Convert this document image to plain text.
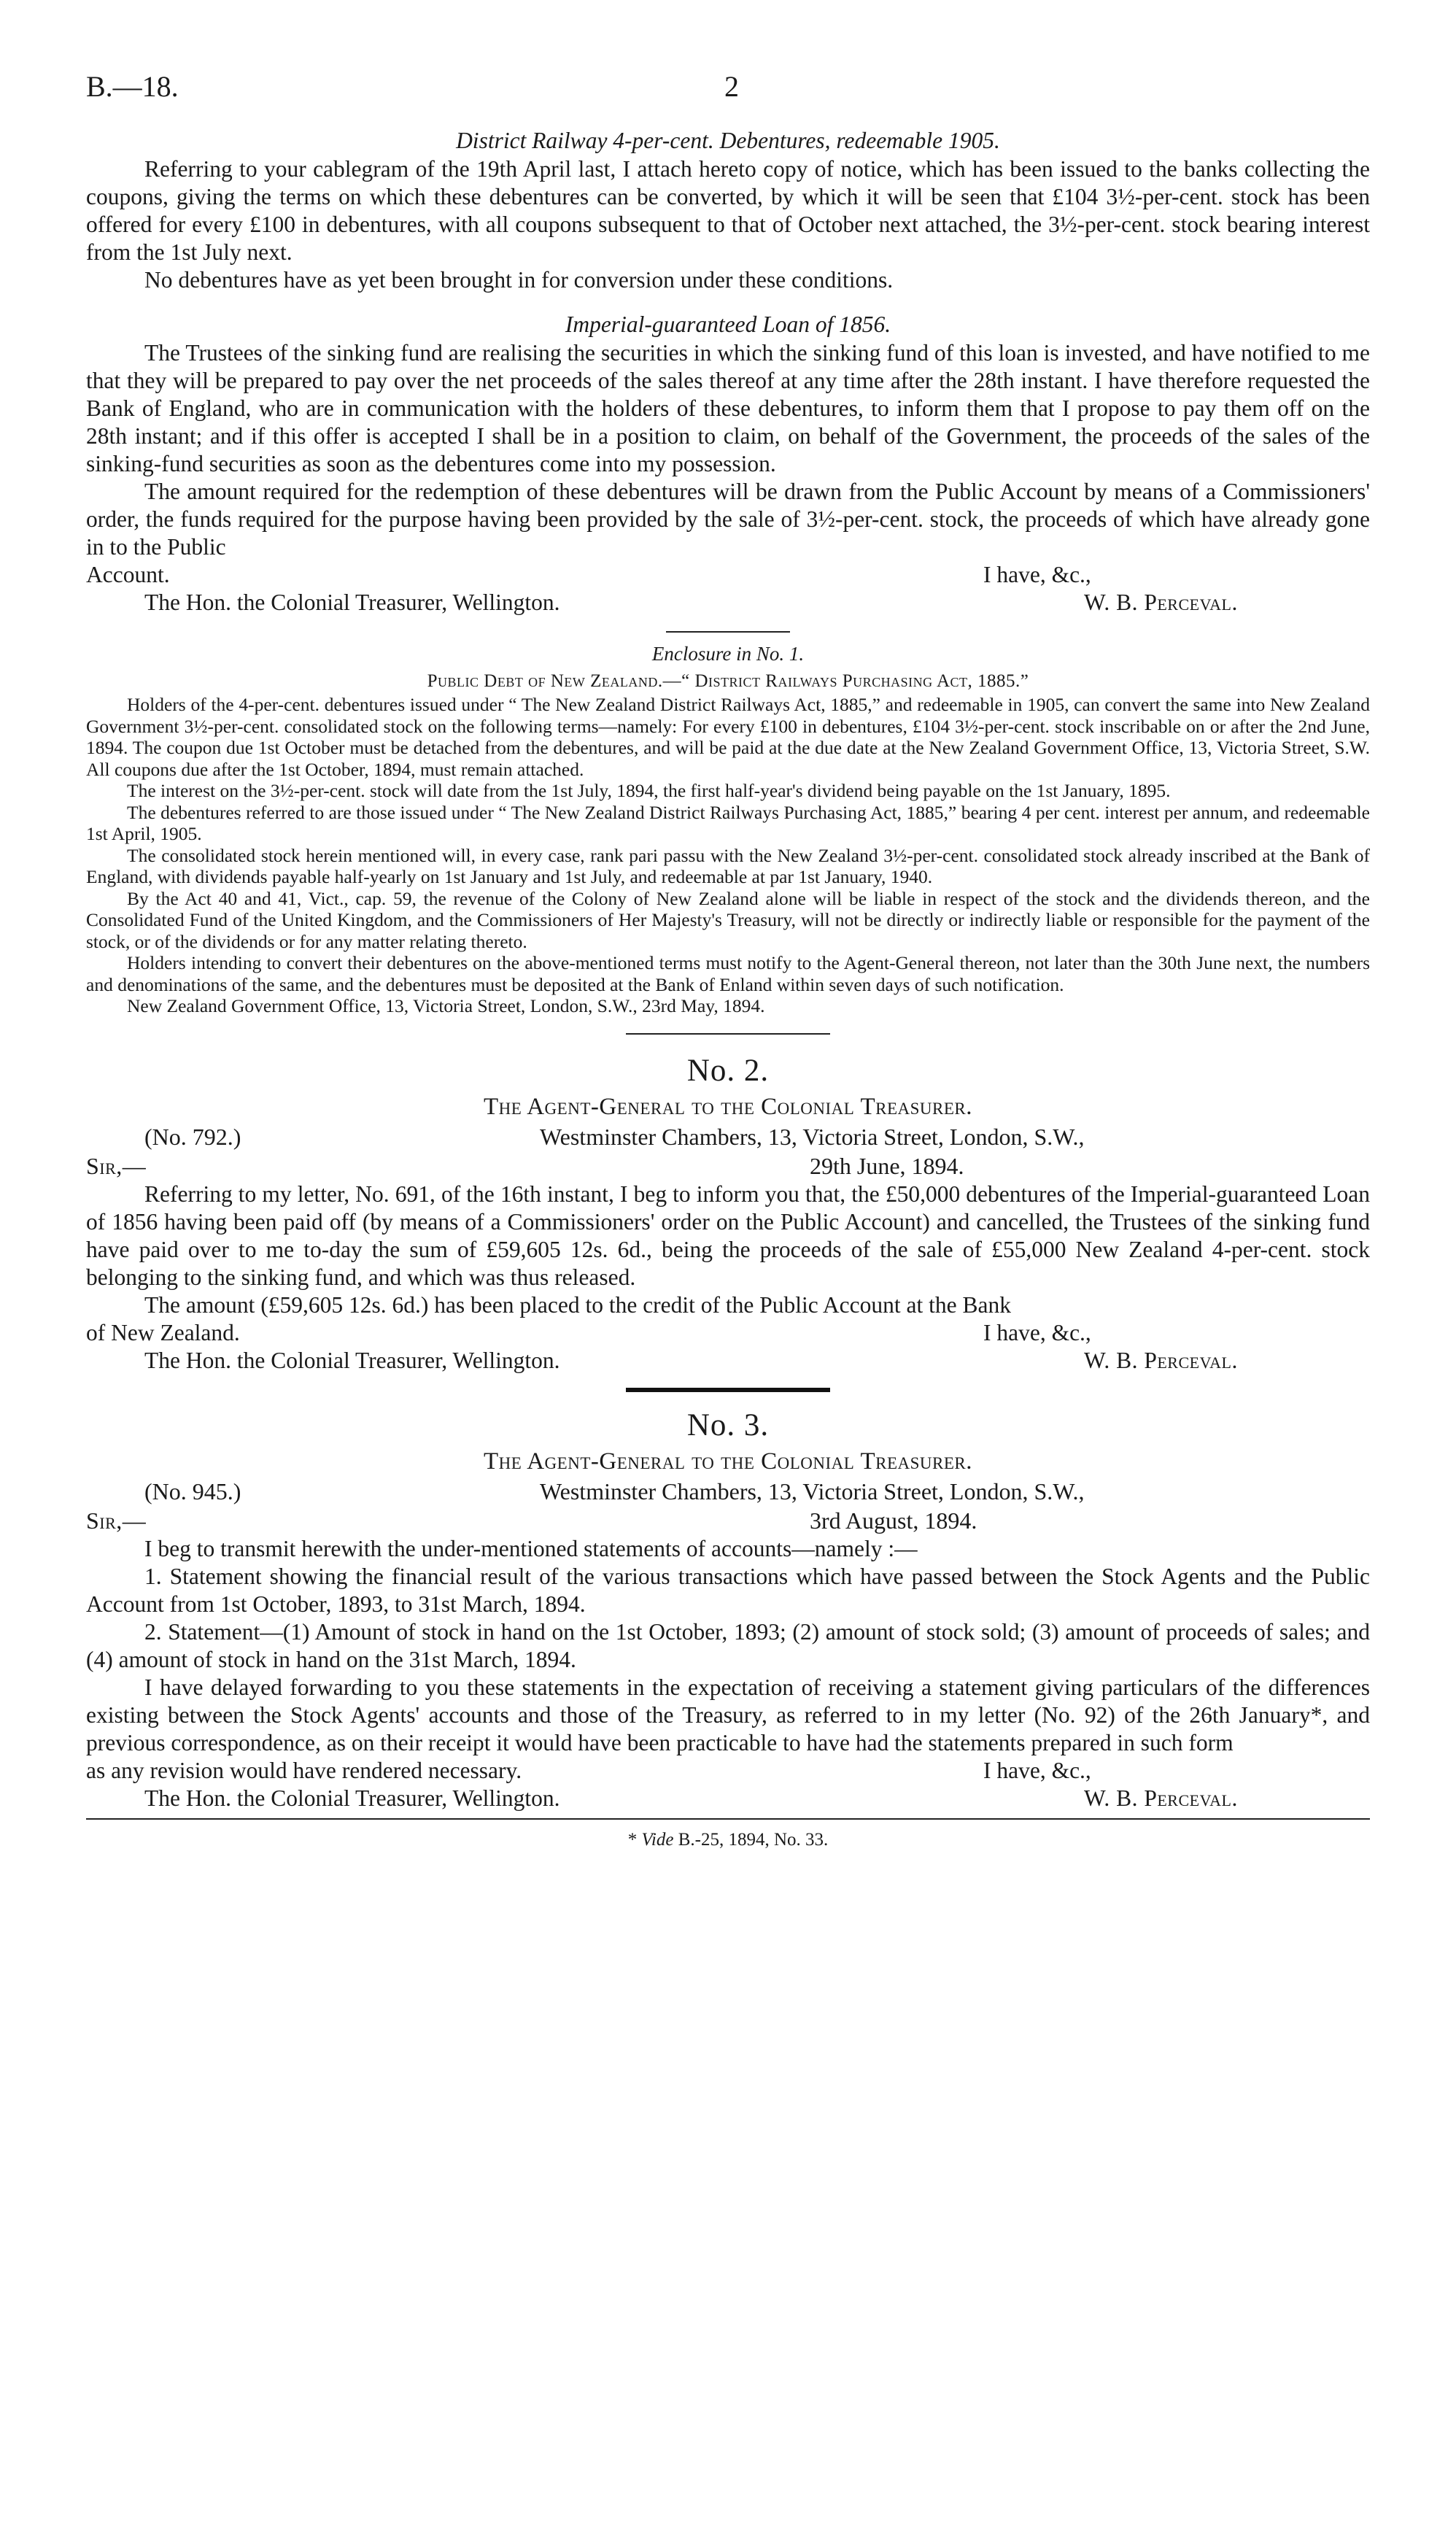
B.—18.	2

District Railway 4-per-cent. Debentures, redeemable 1905.

Referring to your cablegram of the 19th April last, I attach hereto copy of notice, which has been issued to the banks collecting the coupons, giving the terms on which these debentures can be converted, by which it will be seen that £104 3½-per-cent. stock has been offered for every £100 in debentures, with all coupons subsequent to that of October next attached, the 3½-per-cent. stock bearing interest from the 1st July next.

No debentures have as yet been brought in for conversion under these conditions.

Imperial-guaranteed Loan of 1856.

The Trustees of the sinking fund are realising the securities in which the sinking fund of this loan is invested, and have notified to me that they will be prepared to pay over the net proceeds of the sales thereof at any time after the 28th instant. I have therefore requested the Bank of England, who are in communication with the holders of these debentures, to inform them that I propose to pay them off on the 28th instant; and if this offer is accepted I shall be in a position to claim, on behalf of the Government, the proceeds of the sales of the sinking-fund securities as soon as the debentures come into my possession.

The amount required for the redemption of these debentures will be drawn from the Public Account by means of a Commissioners' order, the funds required for the purpose having been provided by the sale of 3½-per-cent. stock, the proceeds of which have already gone in to the Public

Account.	I have, &c.,
The Hon. the Colonial Treasurer, Wellington.	W. B. Perceval.

Enclosure in No. 1.

Public Debt of New Zealand.—“ District Railways Purchasing Act, 1885.”

Holders of the 4-per-cent. debentures issued under “ The New Zealand District Railways Act, 1885,” and redeemable in 1905, can convert the same into New Zealand Government 3½-per-cent. consolidated stock on the following terms—namely: For every £100 in debentures, £104 3½-per-cent. stock inscribable on or after the 2nd June, 1894. The coupon due 1st October must be detached from the debentures, and will be paid at the due date at the New Zealand Government Office, 13, Victoria Street, S.W. All coupons due after the 1st October, 1894, must remain attached.

The interest on the 3½-per-cent. stock will date from the 1st July, 1894, the first half-year's dividend being payable on the 1st January, 1895.

The debentures referred to are those issued under “ The New Zealand District Railways Purchasing Act, 1885,” bearing 4 per cent. interest per annum, and redeemable 1st April, 1905.

The consolidated stock herein mentioned will, in every case, rank pari passu with the New Zealand 3½-per-cent. consolidated stock already inscribed at the Bank of England, with dividends payable half-yearly on 1st January and 1st July, and redeemable at par 1st January, 1940.

By the Act 40 and 41, Vict., cap. 59, the revenue of the Colony of New Zealand alone will be liable in respect of the stock and the dividends thereon, and the Consolidated Fund of the United Kingdom, and the Commissioners of Her Majesty's Treasury, will not be directly or indirectly liable or responsible for the payment of the stock, or of the dividends or for any matter relating thereto.

Holders intending to convert their debentures on the above-mentioned terms must notify to the Agent-General thereon, not later than the 30th June next, the numbers and denominations of the same, and the debentures must be deposited at the Bank of Enland within seven days of such notification.

New Zealand Government Office, 13, Victoria Street, London, S.W., 23rd May, 1894.

No. 2.

The Agent-General to the Colonial Treasurer.

(No. 792.)	Westminster Chambers, 13, Victoria Street, London, S.W.,
Sir,—	29th June, 1894.

Referring to my letter, No. 691, of the 16th instant, I beg to inform you that, the £50,000 debentures of the Imperial-guaranteed Loan of 1856 having been paid off (by means of a Commissioners' order on the Public Account) and cancelled, the Trustees of the sinking fund have paid over to me to-day the sum of £59,605 12s. 6d., being the proceeds of the sale of £55,000 New Zealand 4-per-cent. stock belonging to the sinking fund, and which was thus released.

The amount (£59,605 12s. 6d.) has been placed to the credit of the Public Account at the Bank

of New Zealand.	I have, &c.,
The Hon. the Colonial Treasurer, Wellington.	W. B. Perceval.

No. 3.

The Agent-General to the Colonial Treasurer.

(No. 945.)	Westminster Chambers, 13, Victoria Street, London, S.W.,
Sir,—	3rd August, 1894.

I beg to transmit herewith the under-mentioned statements of accounts—namely :—

1. Statement showing the financial result of the various transactions which have passed between the Stock Agents and the Public Account from 1st October, 1893, to 31st March, 1894.

2. Statement—(1) Amount of stock in hand on the 1st October, 1893; (2) amount of stock sold; (3) amount of proceeds of sales; and (4) amount of stock in hand on the 31st March, 1894.

I have delayed forwarding to you these statements in the expectation of receiving a statement giving particulars of the differences existing between the Stock Agents' accounts and those of the Treasury, as referred to in my letter (No. 92) of the 26th January*, and previous correspondence, as on their receipt it would have been practicable to have had the statements prepared in such form

as any revision would have rendered necessary.	I have, &c.,
The Hon. the Colonial Treasurer, Wellington.	W. B. Perceval.

* Vide B.-25, 1894, No. 33.
